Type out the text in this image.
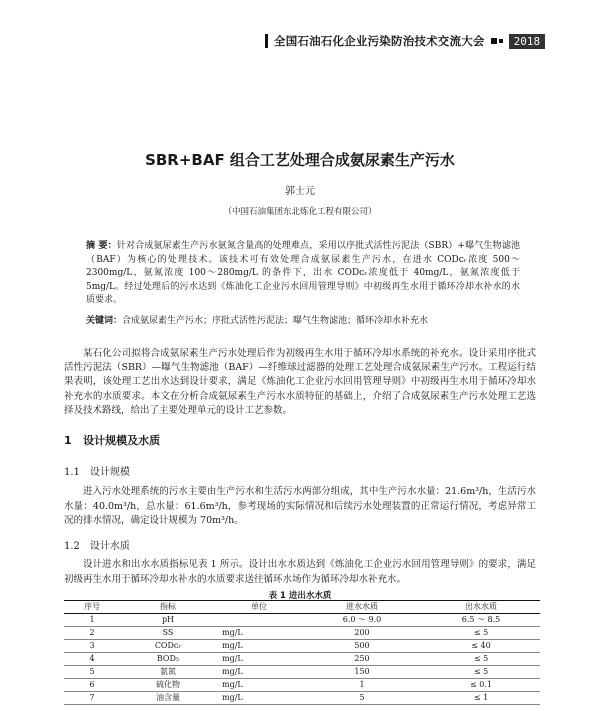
全国石油石化企业污染防治技术交流大会	2018
SBR+BAF 组合工艺处理合成氨尿素生产污水
郭士元
（中国石油集团东北炼化工程有限公司）
摘 要：针对合成氨尿素生产污水氨氮含量高的处理难点，采用以序批式活性污泥法（SBR）+曝气生物滤池（BAF）为核心的处理技术。该技术可有效处理合成氨尿素生产污水，在进水 CODᴄᵣ浓度 500～2300mg/L、氨氮浓度 100～280mg/L 的条件下，出水 CODᴄᵣ浓度低于 40mg/L，氨氮浓度低于 5mg/L。经过处理后的污水达到《炼油化工企业污水回用管理导则》中初级再生水用于循环冷却水补水的水质要求。
关键词：合成氨尿素生产污水；序批式活性污泥法；曝气生物滤池；循环冷却水补充水
某石化公司拟将合成氨尿素生产污水处理后作为初级再生水用于循环冷却水系统的补充水。设计采用序批式活性污泥法（SBR）—曝气生物滤池（BAF）—纤维球过滤器的处理工艺处理合成氨尿素生产污水。工程运行结果表明，该处理工艺出水达到设计要求，满足《炼油化工企业污水回用管理导则》中初级再生水用于循环冷却水补充水的水质要求。本文在分析合成氨尿素生产污水水质特征的基础上，介绍了合成氨尿素生产污水处理工艺选择及技术路线，给出了主要处理单元的设计工艺参数。
1 设计规模及水质
1.1 设计规模
进入污水处理系统的污水主要由生产污水和生活污水两部分组成，其中生产污水水量：21.6m³/h，生活污水水量：40.0m³/h，总水量：61.6m³/h，参考现场的实际情况和后续污水处理装置的正常运行情况，考虑异常工况的排水情况，确定设计规模为 70m³/h。
1.2 设计水质
设计进水和出水水质指标见表 1 所示。设计出水水质达到《炼油化工企业污水回用管理导则》的要求，满足初级再生水用于循环冷却水补水的水质要求送往循环水场作为循环冷却水补充水。
表 1 进出水水质
序号	指标	单位	进水水质	出水水质
1	pH		6.0 ～ 9.0	6.5 ～ 8.5
2	SS	mg/L	200	≤ 5
3	CODᴄᵣ	mg/L	500	≤ 40
4	BOD₅	mg/L	250	≤ 5
5	氨氮	mg/L	150	≤ 5
6	硫化物	mg/L	1	≤ 0.1
7	油含量	mg/L	5	≤ 1
